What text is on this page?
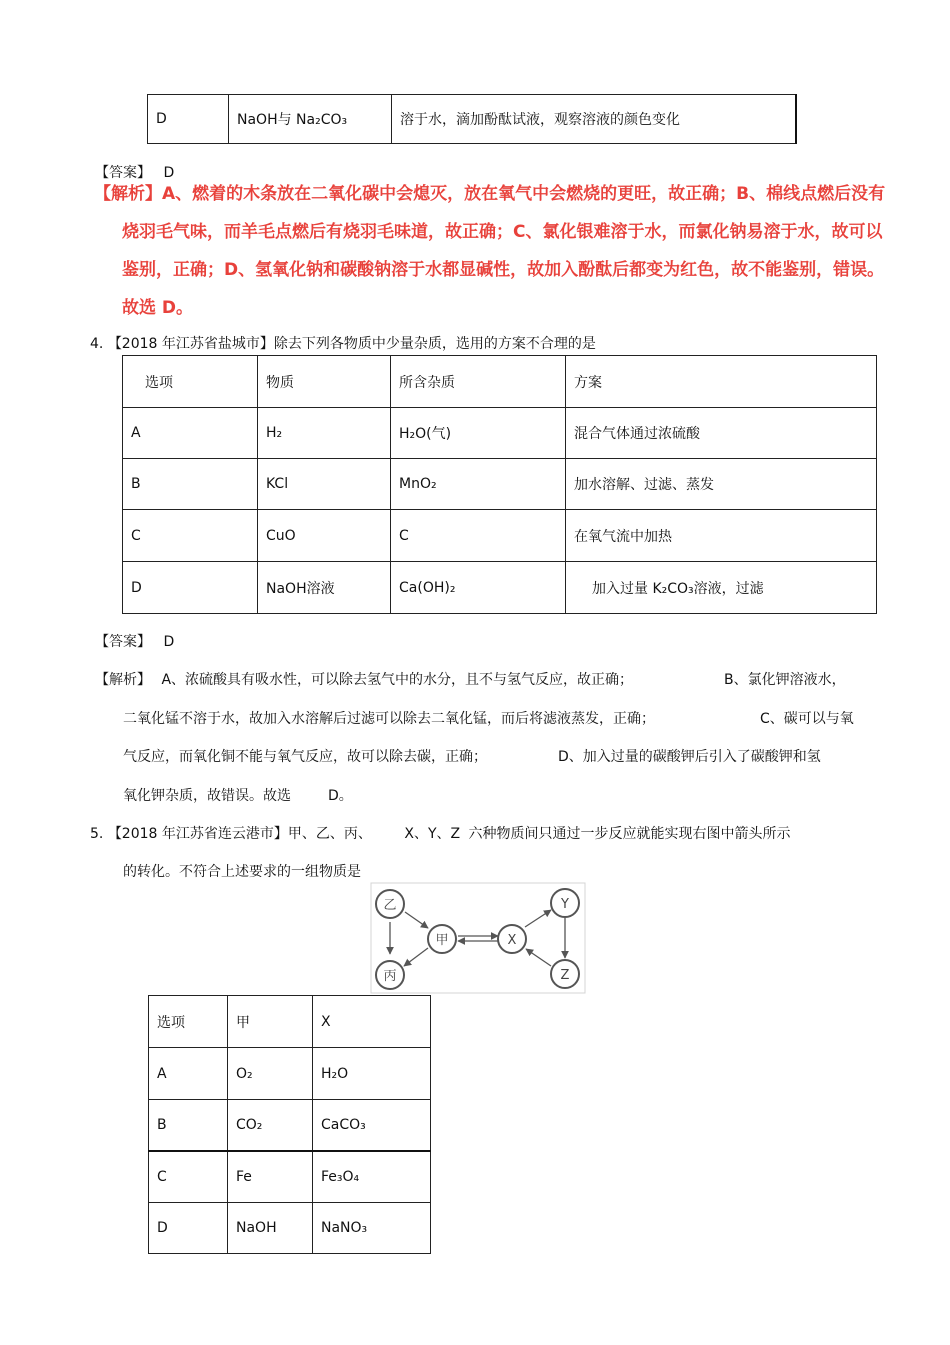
D	NaOH与 Na₂CO₃	溶于水，滴加酚酞试液，观察溶液的颜色变化
【答案】 D
【解析】A、燃着的木条放在二氧化碳中会熄灭，放在氧气中会燃烧的更旺，故正确；B、棉线点燃后没有
烧羽毛气味，而羊毛点燃后有烧羽毛味道，故正确；C、氯化银难溶于水，而氯化钠易溶于水，故可以
鉴别，正确；D、氢氧化钠和碳酸钠溶于水都显碱性，故加入酚酞后都变为红色，故不能鉴别，错误。
故选 D。
4. 【2018 年江苏省盐城市】除去下列各物质中少量杂质，选用的方案不合理的是
选项	物质	所含杂质	方案
A	H₂	H₂O(气)	混合气体通过浓硫酸
B	KCl	MnO₂	加水溶解、过滤、蒸发
C	CuO	C	在氧气流中加热
D	NaOH溶液	Ca(OH)₂	加入过量 K₂CO₃溶液，过滤
【答案】 D
【解析】 A、浓硫酸具有吸水性，可以除去氢气中的水分，且不与氢气反应，故正确；	B、氯化钾溶液水，
二氧化锰不溶于水，故加入水溶解后过滤可以除去二氧化锰，而后将滤液蒸发，正确；	C、碳可以与氧
气反应，而氧化铜不能与氧气反应，故可以除去碳，正确；	D、加入过量的碳酸钾后引入了碳酸钾和氢
氧化钾杂质，故错误。故选	D。
5. 【2018 年江苏省连云港市】甲、乙、丙、 X、Y、Z 六种物质间只通过一步反应就能实现右图中箭头所示
的转化。不符合上述要求的一组物质是
乙
甲
丙
X
Y
Z
选项	甲	X
A	O₂	H₂O
B	CO₂	CaCO₃
C	Fe	Fe₃O₄
D	NaOH	NaNO₃
